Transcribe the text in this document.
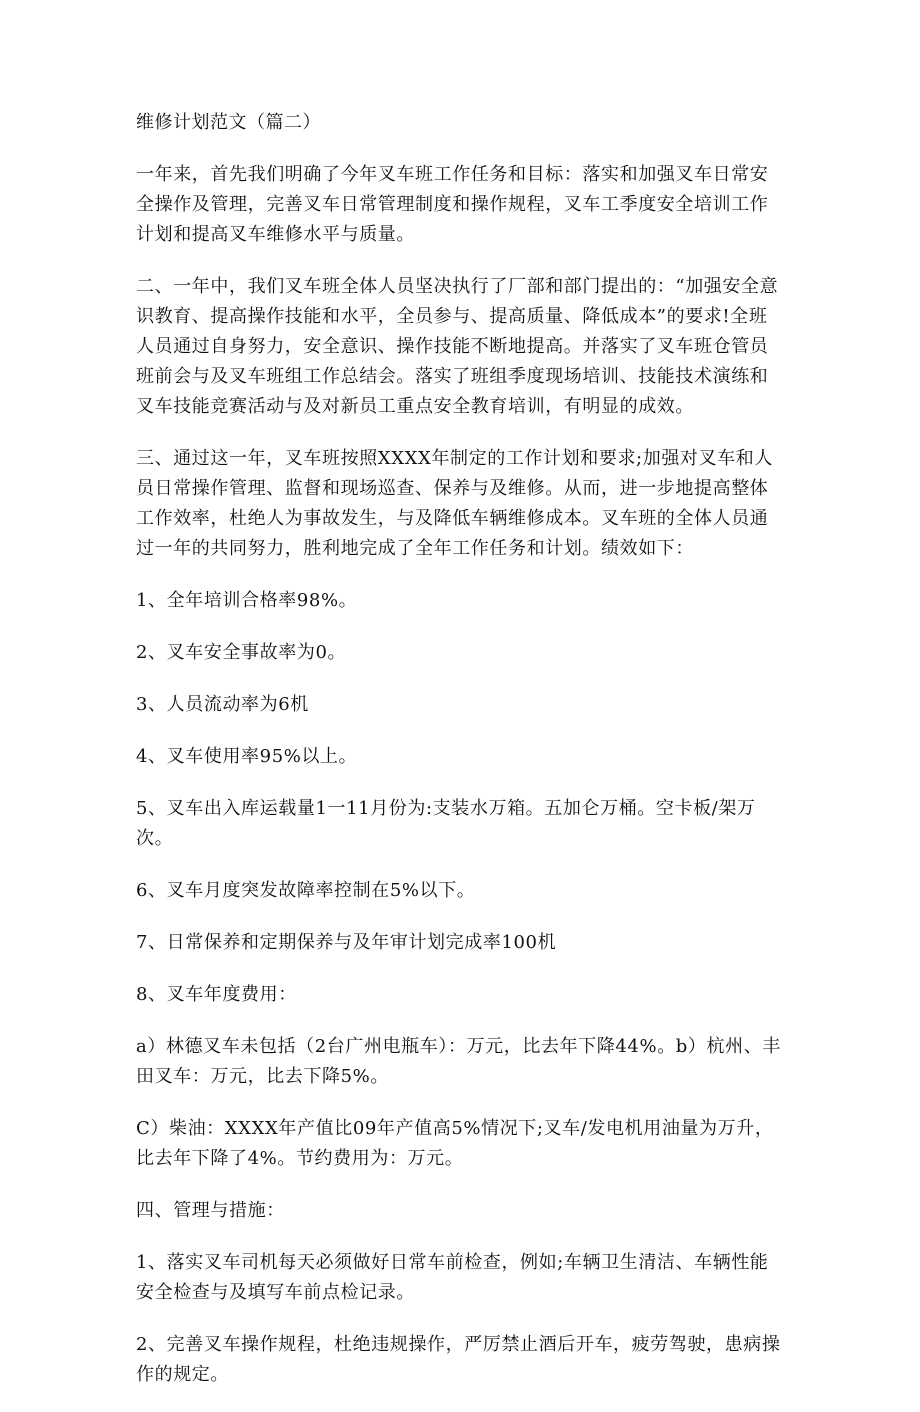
维修计划范文（篇二）

一年来，首先我们明确了今年叉车班工作任务和目标：落实和加强叉车日常安全操作及管理，完善叉车日常管理制度和操作规程，叉车工季度安全培训工作计划和提高叉车维修水平与质量。

二、一年中，我们叉车班全体人员坚决执行了厂部和部门提出的：“加强安全意识教育、提高操作技能和水平，全员参与、提高质量、降低成本”的要求!全班人员通过自身努力，安全意识、操作技能不断地提高。并落实了叉车班仓管员班前会与及叉车班组工作总结会。落实了班组季度现场培训、技能技术演练和叉车技能竞赛活动与及对新员工重点安全教育培训，有明显的成效。

三、通过这一年，叉车班按照XXXX年制定的工作计划和要求;加强对叉车和人员日常操作管理、监督和现场巡查、保养与及维修。从而，进一步地提高整体工作效率，杜绝人为事故发生，与及降低车辆维修成本。叉车班的全体人员通过一年的共同努力，胜利地完成了全年工作任务和计划。绩效如下：

1、全年培训合格率98%。

2、叉车安全事故率为0。

3、人员流动率为6机

4、叉车使用率95%以上。

5、叉车出入库运载量1一11月份为:支装水万箱。五加仑万桶。空卡板/架万次。

6、叉车月度突发故障率控制在5%以下。

7、日常保养和定期保养与及年审计划完成率100机

8、叉车年度费用：

a）林德叉车未包括（2台广州电瓶车）：万元，比去年下降44%。b）杭州、丰田叉车：万元，比去下降5%。

C）柴油：XXXX年产值比09年产值高5%情况下;叉车/发电机用油量为万升，比去年下降了4%。节约费用为：万元。

四、管理与措施：

1、落实叉车司机每天必须做好日常车前检查，例如;车辆卫生清洁、车辆性能安全检查与及填写车前点检记录。

2、完善叉车操作规程，杜绝违规操作，严厉禁止酒后开车，疲劳驾驶，患病操作的规定。
